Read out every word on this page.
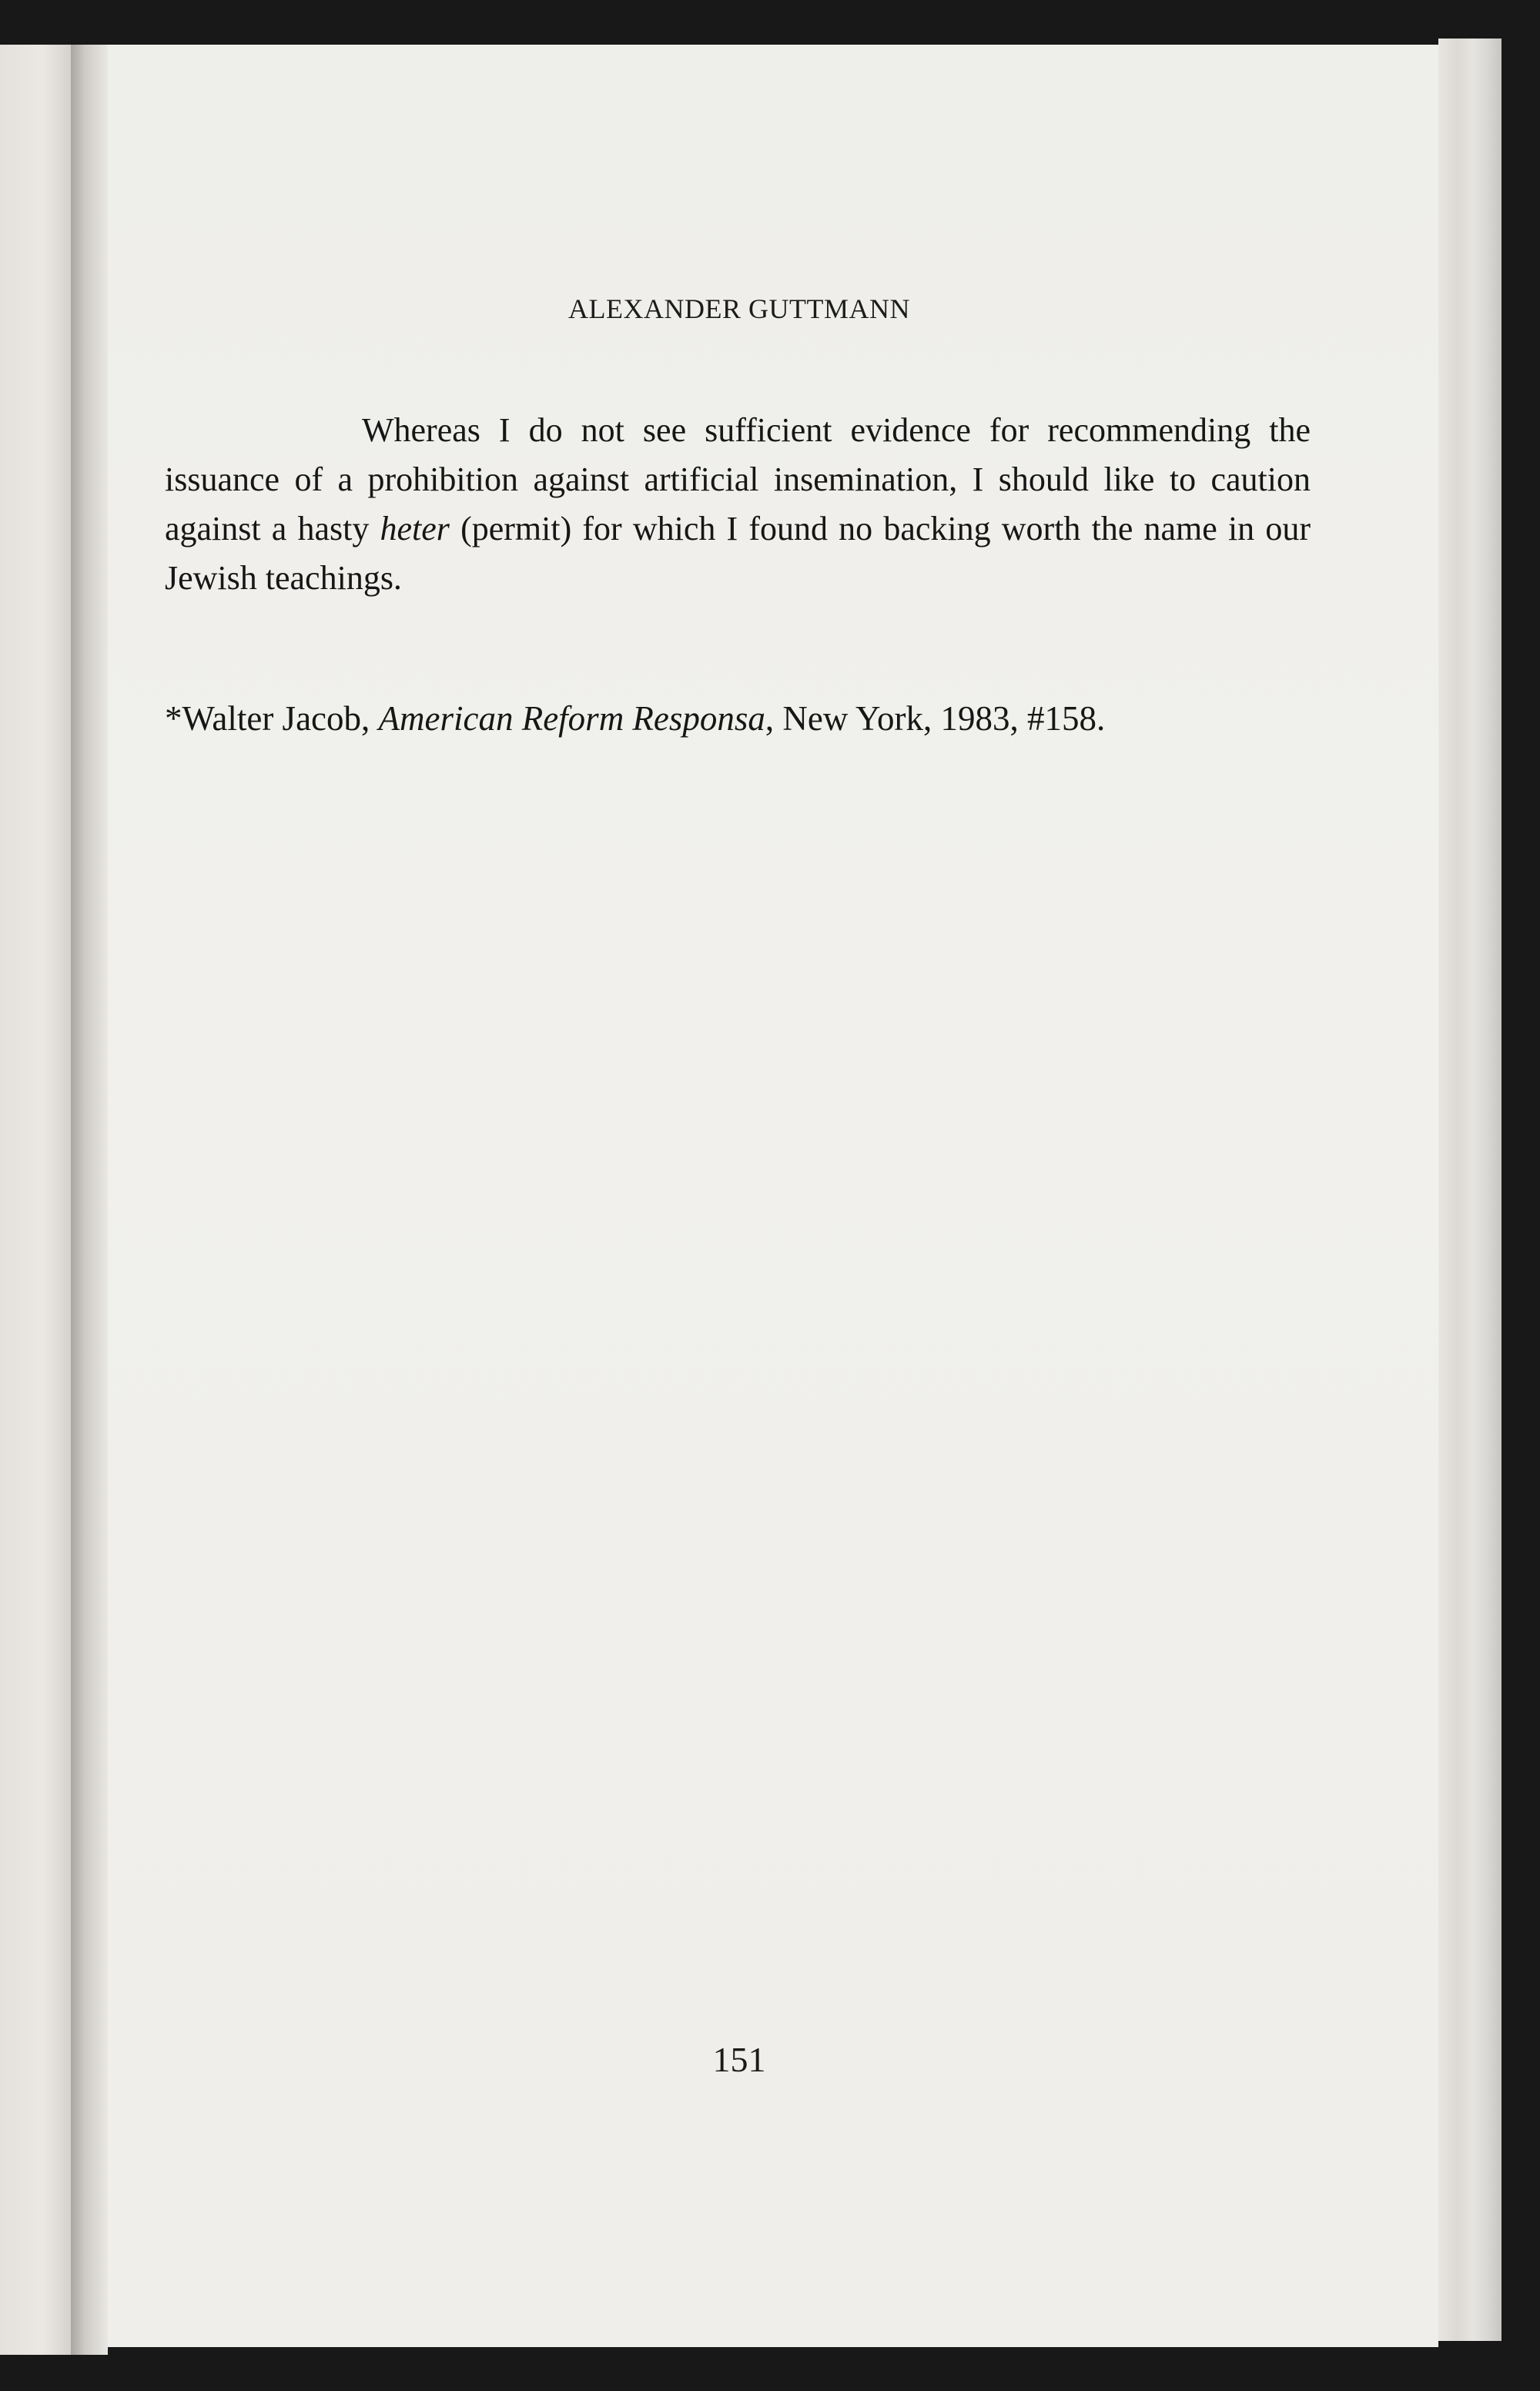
ALEXANDER GUTTMANN

Whereas I do not see sufficient evidence for recommending the issuance of a prohibition against artificial insemination, I should like to caution against a hasty heter (permit) for which I found no backing worth the name in our Jewish teachings.

*Walter Jacob, American Reform Responsa, New York, 1983, #158.
151
